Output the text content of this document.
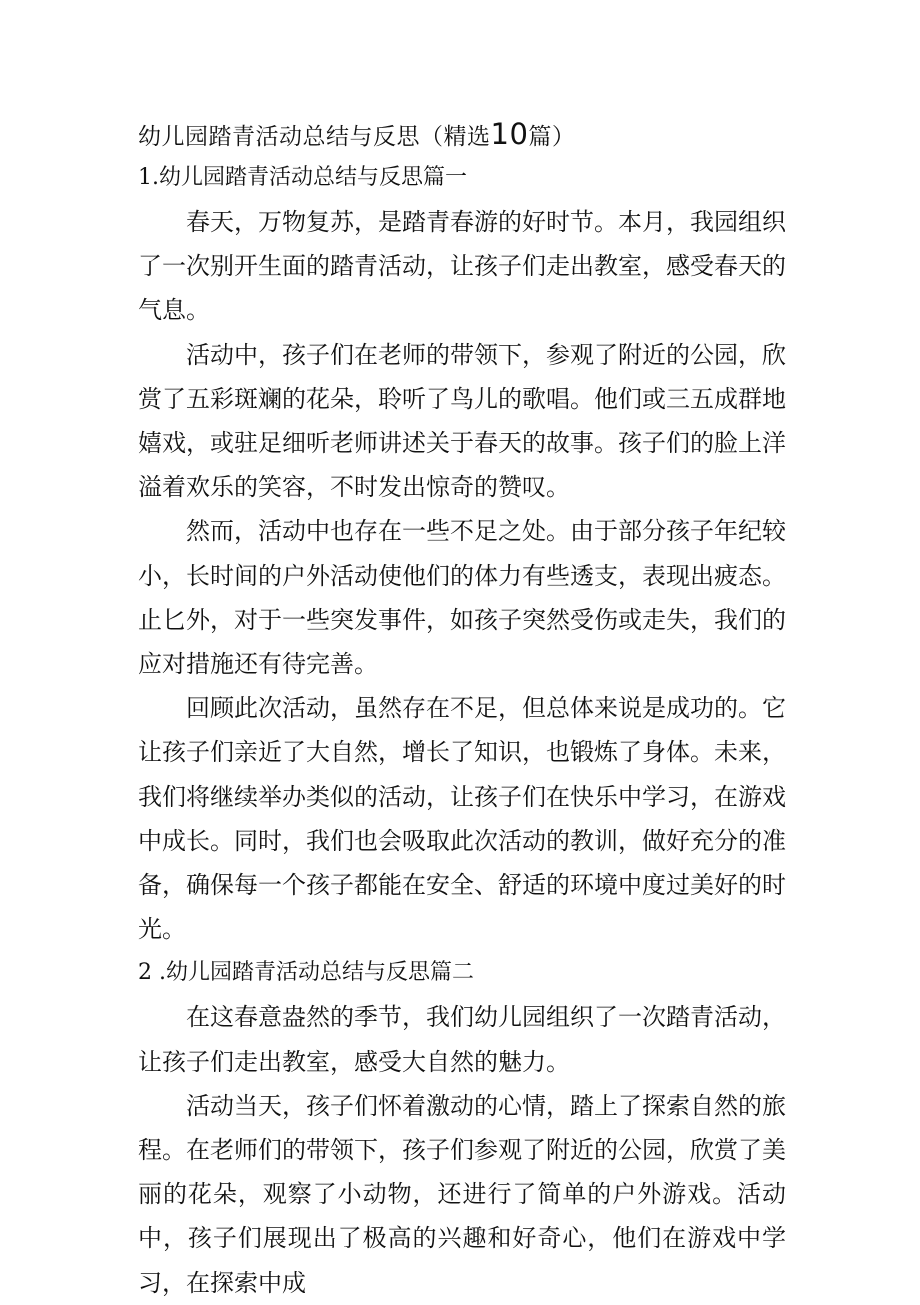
幼儿园踏青活动总结与反思（精选10篇）
1.幼儿园踏青活动总结与反思篇一

春天，万物复苏，是踏青春游的好时节。本月，我园组织了一次别开生面的踏青活动，让孩子们走出教室，感受春天的气息。

活动中，孩子们在老师的带领下，参观了附近的公园，欣赏了五彩斑斓的花朵，聆听了鸟儿的歌唱。他们或三五成群地嬉戏，或驻足细听老师讲述关于春天的故事。孩子们的脸上洋溢着欢乐的笑容，不时发出惊奇的赞叹。

然而，活动中也存在一些不足之处。由于部分孩子年纪较小，长时间的户外活动使他们的体力有些透支，表现出疲态。止匕外，对于一些突发事件，如孩子突然受伤或走失，我们的应对措施还有待完善。

回顾此次活动，虽然存在不足，但总体来说是成功的。它让孩子们亲近了大自然，增长了知识，也锻炼了身体。未来，我们将继续举办类似的活动，让孩子们在快乐中学习，在游戏中成长。同时，我们也会吸取此次活动的教训，做好充分的准备，确保每一个孩子都能在安全、舒适的环境中度过美好的时光。

2 .幼儿园踏青活动总结与反思篇二

在这春意盎然的季节，我们幼儿园组织了一次踏青活动，让孩子们走出教室，感受大自然的魅力。

活动当天，孩子们怀着激动的心情，踏上了探索自然的旅程。在老师们的带领下，孩子们参观了附近的公园，欣赏了美丽的花朵，观察了小动物，还进行了简单的户外游戏。活动中，孩子们展现出了极高的兴趣和好奇心，他们在游戏中学习，在探索中成
